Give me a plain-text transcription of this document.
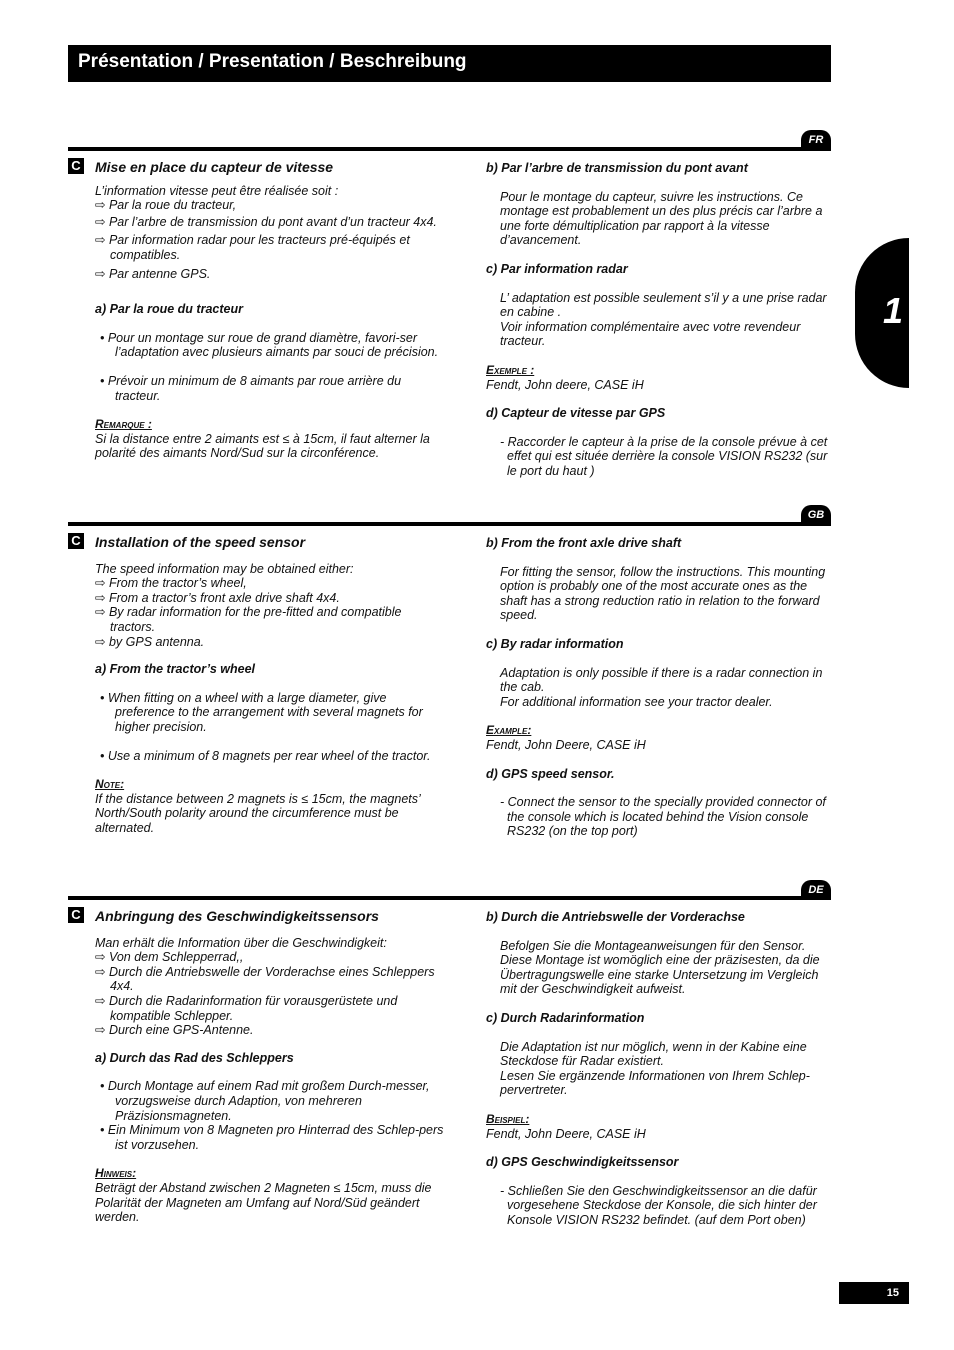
Présentation / Presentation / Beschreibung
1
FR
C Mise en place du capteur de vitesse

L’information vitesse peut être réalisée soit :

⇨ Par la roue du tracteur,

⇨ Par l’arbre de transmission du pont avant d’un tracteur 4x4.

⇨ Par information radar pour les tracteurs pré-équipés et compatibles.

⇨ Par antenne GPS.

a) Par la roue du tracteur

• Pour un montage sur roue de grand diamètre, favori-ser l’adaptation avec plusieurs aimants par souci de précision.

• Prévoir un minimum de 8 aimants par roue arrière du tracteur.

Remarque :

Si la distance entre 2 aimants est ≤ à 15cm, il faut alterner la polarité des aimants Nord/Sud sur la circonférence.

b) Par l’arbre de transmission du pont avant

Pour le montage du capteur, suivre les instructions. Ce montage est probablement un des plus précis car l’arbre a une forte démultiplication par rapport à la vitesse d’avancement.

c) Par information radar

L’ adaptation est possible seulement s’il y a une prise radar en cabine .

Voir information complémentaire avec votre revendeur tracteur.

Exemple :

Fendt, John deere, CASE iH

d) Capteur de vitesse par GPS

- Raccorder le capteur à la prise de la console prévue à cet effet qui est située derrière la console VISION RS232 (sur le port du haut )

GB
C Installation of the speed sensor

The speed information may be obtained either:

⇨ From the tractor’s wheel,

⇨ From a tractor’s front axle drive shaft 4x4.

⇨ By radar information for the pre-fitted and compatible tractors.

⇨ by GPS antenna.

a) From the tractor’s wheel

• When fitting on a wheel with a large diameter, give preference to the arrangement with several magnets for higher precision.

• Use a minimum of 8 magnets per rear wheel of the tractor.

Note:

If the distance between 2 magnets is ≤ 15cm, the magnets’ North/South polarity around the circumference must be alternated.

b) From the front axle drive shaft

For fitting the sensor, follow the instructions. This mounting option is probably one of the most accurate ones as the shaft has a strong reduction ratio in relation to the forward speed.

c) By radar information

Adaptation is only possible if there is a radar connection in the cab.

For additional information see your tractor dealer.

Example:

Fendt, John Deere, CASE iH

d) GPS speed sensor.

- Connect the sensor to the specially provided connector of the console which is located behind the Vision console RS232 (on the top port)

DE
C Anbringung des Geschwindigkeitssensors

Man erhält die Information über die Geschwindigkeit:

⇨ Von dem Schlepperrad,,

⇨ Durch die Antriebswelle der Vorderachse eines Schleppers 4x4.

⇨ Durch die Radarinformation für vorausgerüstete und kompatible Schlepper.

⇨ Durch eine GPS-Antenne.

a) Durch das Rad des Schleppers

• Durch Montage auf einem Rad mit großem Durch-messer, vorzugsweise durch Adaption, von mehreren Präzisionsmagneten.

• Ein Minimum von 8 Magneten pro Hinterrad des Schlep-pers ist vorzusehen.

Hinweis:

Beträgt der Abstand zwischen 2 Magneten ≤ 15cm, muss die Polarität der Magneten am Umfang auf Nord/Süd geändert werden.

b) Durch die Antriebswelle der Vorderachse

Befolgen Sie die Montageanweisungen für den Sensor. Diese Montage ist womöglich eine der präzisesten, da die Übertragungswelle eine starke Untersetzung im Vergleich mit der Geschwindigkeit aufweist.

c) Durch Radarinformation

Die Adaptation ist nur möglich, wenn in der Kabine eine Steckdose für Radar existiert.

Lesen Sie ergänzende Informationen von Ihrem Schlep-pervertreter.

Beispiel:

Fendt, John Deere, CASE iH

d) GPS Geschwindigkeitssensor

- Schließen Sie den Geschwindigkeitssensor an die dafür vorgesehene Steckdose der Konsole, die sich hinter der Konsole VISION RS232 befindet. (auf dem Port oben)

15
